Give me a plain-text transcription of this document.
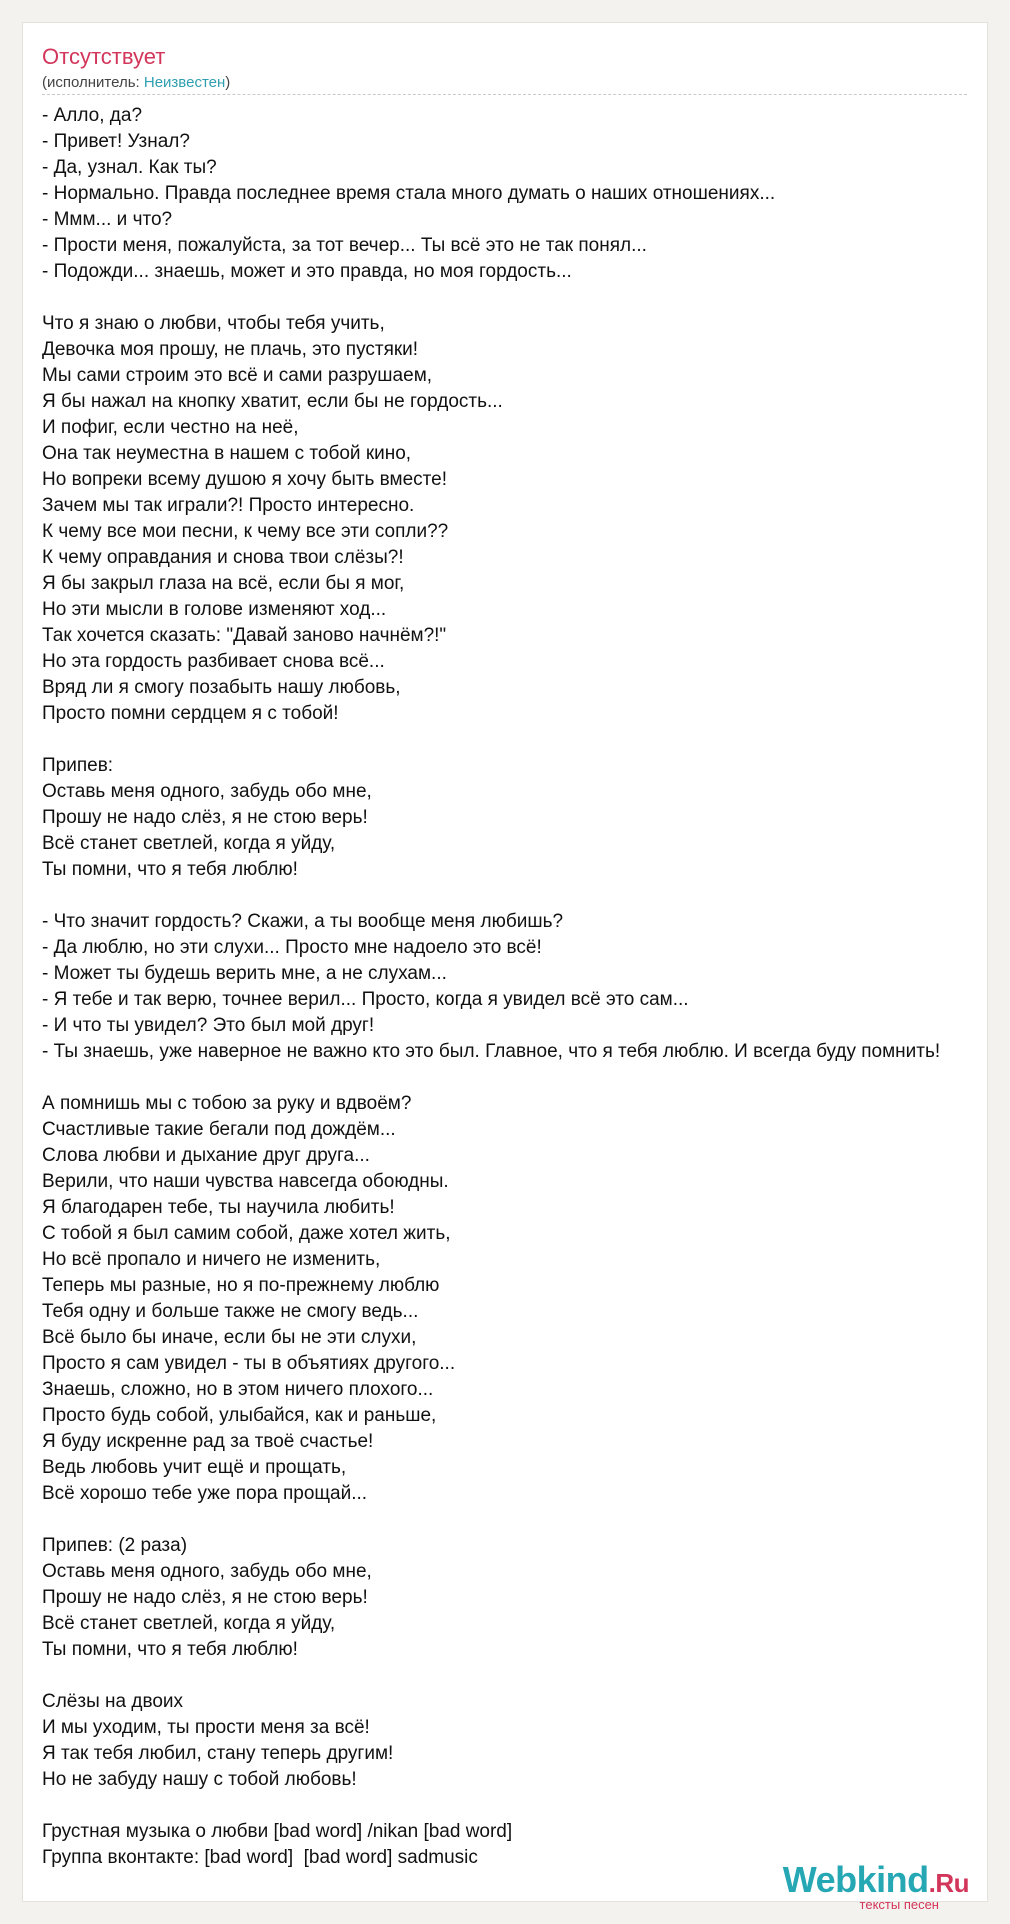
Отсутствует
(исполнитель: Неизвестен)
- Алло, да?
- Привет! Узнал?
- Да, узнал. Как ты?
- Нормально. Правда последнее время стала много думать о наших отношениях...
- Ммм... и что?
- Прости меня, пожалуйста, за тот вечер... Ты всё это не так понял...
- Подожди... знаешь, может и это правда, но моя гордость...
Что я знаю о любви, чтобы тебя учить,
Девочка моя прошу, не плачь, это пустяки!
Мы сами строим это всё и сами разрушаем,
Я бы нажал на кнопку хватит, если бы не гордость...
И пофиг, если честно на неё,
Она так неуместна в нашем с тобой кино,
Но вопреки всему душою я хочу быть вместе!
Зачем мы так играли?! Просто интересно.
К чему все мои песни, к чему все эти сопли??
К чему оправдания и снова твои слёзы?!
Я бы закрыл глаза на всё, если бы я мог,
Но эти мысли в голове изменяют ход...
Так хочется сказать: "Давай заново начнём?!"
Но эта гордость разбивает снова всё...
Вряд ли я смогу позабыть нашу любовь,
Просто помни сердцем я с тобой!
Припев:
Оставь меня одного, забудь обо мне,
Прошу не надо слёз, я не стою верь!
Всё станет светлей, когда я уйду,
Ты помни, что я тебя люблю!
- Что значит гордость? Скажи, а ты вообще меня любишь?
- Да люблю, но эти слухи... Просто мне надоело это всё!
- Может ты будешь верить мне, а не слухам...
- Я тебе и так верю, точнее верил... Просто, когда я увидел всё это сам...
- И что ты увидел? Это был мой друг!
- Ты знаешь, уже наверное не важно кто это был. Главное, что я тебя люблю. И всегда буду помнить!
А помнишь мы с тобою за руку и вдвоём?
Счастливые такие бегали под дождём...
Слова любви и дыхание друг друга...
Верили, что наши чувства навсегда обоюдны.
Я благодарен тебе, ты научила любить!
С тобой я был самим собой, даже хотел жить,
Но всё пропало и ничего не изменить,
Теперь мы разные, но я по-прежнему люблю
Тебя одну и больше также не смогу ведь...
Всё было бы иначе, если бы не эти слухи,
Просто я сам увидел - ты в объятиях другого...
Знаешь, сложно, но в этом ничего плохого...
Просто будь собой, улыбайся, как и раньше,
Я буду искренне рад за твоё счастье!
Ведь любовь учит ещё и прощать,
Всё хорошо тебе уже пора прощай...
Припев: (2 раза)
Оставь меня одного, забудь обо мне,
Прошу не надо слёз, я не стою верь!
Всё станет светлей, когда я уйду,
Ты помни, что я тебя люблю!
Слёзы на двоих
И мы уходим, ты прости меня за всё!
Я так тебя любил, стану теперь другим!
Но не забуду нашу с тобой любовь!
Грустная музыка о любви [bad word] /nikan [bad word]
Группа вконтакте: [bad word]  [bad word] sadmusic
Webkind.Ru
тексты песен
